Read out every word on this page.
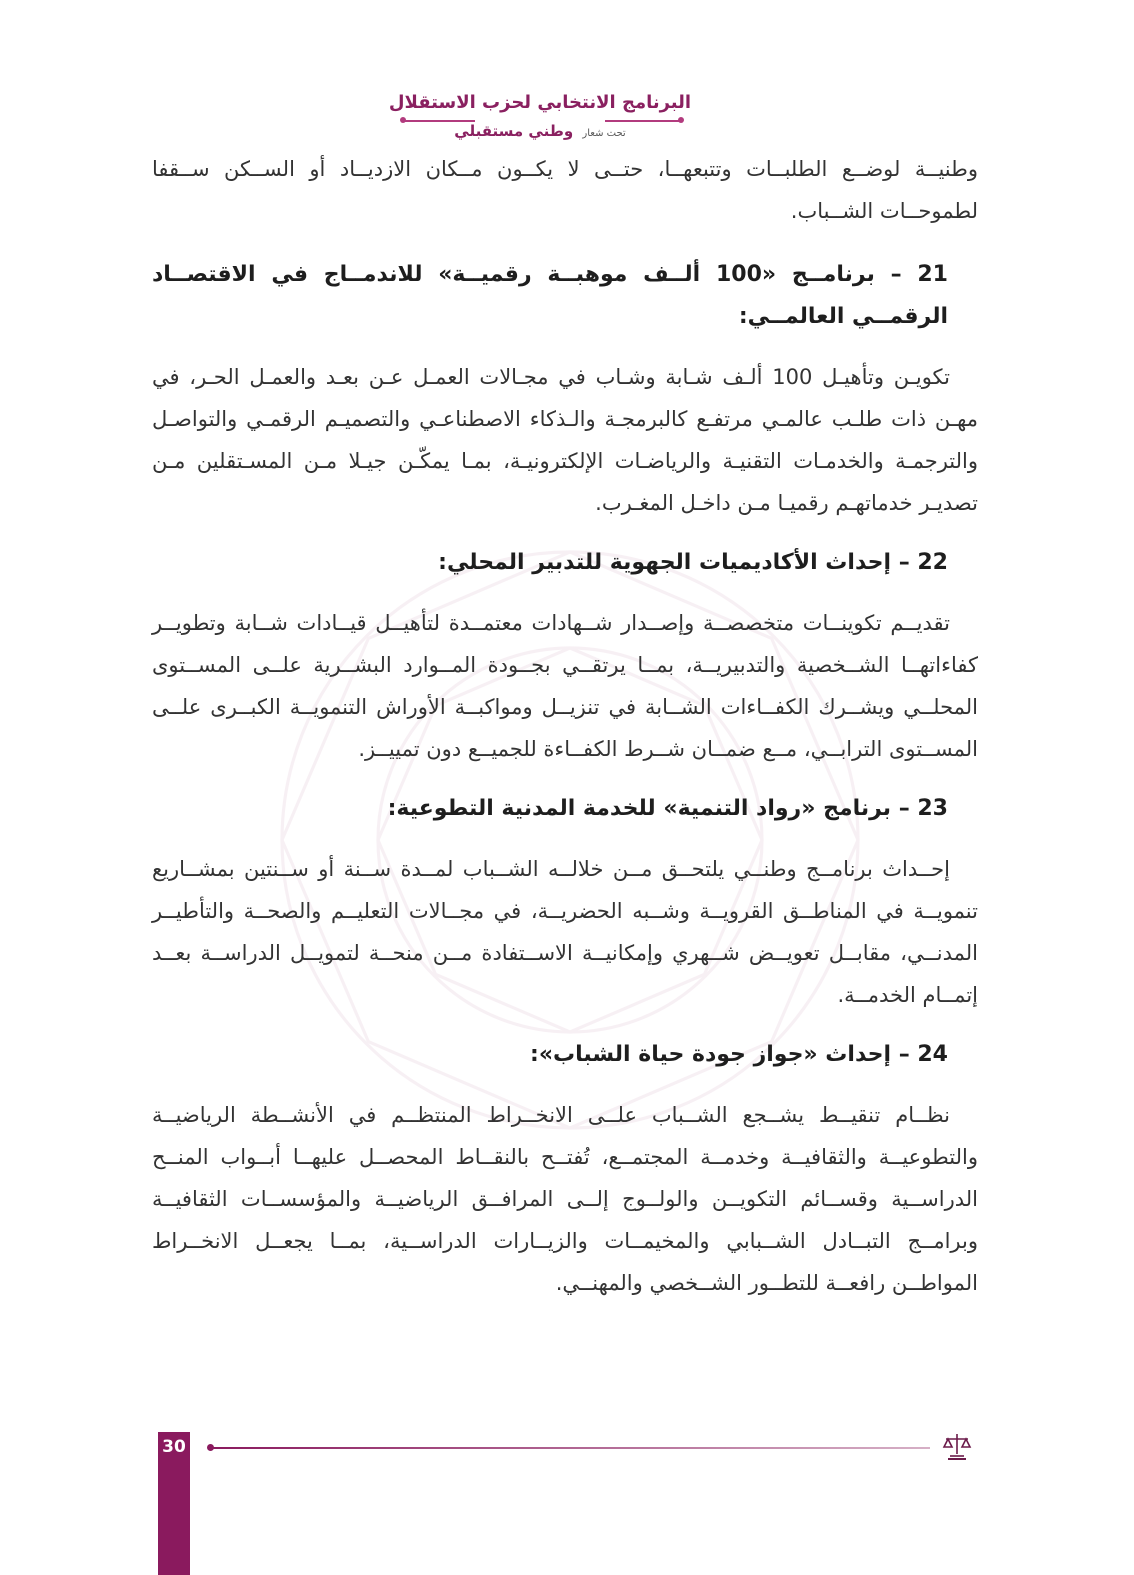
البرنامج الانتخابي لحزب الاستقلال
تحت شعار وطني مستقبلي

وطنيــة لوضــع الطلبــات وتتبعهــا، حتــى لا يكــون مــكان الازديــاد أو الســكن ســقفا لطموحــات الشــباب.

21 – برنامــج «100 ألــف موهبــة رقميــة» للاندمــاج في الاقتصــاد الرقمــي العالمــي:

تكويـن وتأهيـل 100 ألـف شـابة وشـاب في مجـالات العمـل عـن بعـد والعمـل الحـر، في مهـن ذات طلـب عالمـي مرتفـع كالبرمجـة والـذكاء الاصطناعـي والتصميـم الرقمـي والتواصـل والترجمـة والخدمـات التقنيـة والرياضـات الإلكترونيـة، بمـا يمكّـن جيـلا مـن المسـتقلين مـن تصديـر خدماتهـم رقميـا مـن داخـل المغـرب.

22 – إحداث الأكاديميات الجهوية للتدبير المحلي:

تقديــم تكوينــات متخصصــة وإصــدار شــهادات معتمــدة لتأهيــل قيــادات شــابة وتطويــر كفاءاتهــا الشــخصية والتدبيريــة، بمــا يرتقــي بجــودة المــوارد البشــرية علــى المســتوى المحلــي ويشــرك الكفــاءات الشــابة في تنزيــل ومواكبــة الأوراش التنمويــة الكبــرى علــى المســتوى الترابــي، مــع ضمــان شــرط الكفــاءة للجميــع دون تمييــز.

23 – برنامج «رواد التنمية» للخدمة المدنية التطوعية:

إحــداث برنامــج وطنــي يلتحــق مــن خلالــه الشــباب لمــدة ســنة أو ســنتين بمشــاريع تنمويــة في المناطــق القرويــة وشــبه الحضريــة، في مجــالات التعليــم والصحــة والتأطيــر المدنــي، مقابــل تعويــض شــهري وإمكانيــة الاســتفادة مــن منحــة لتمويــل الدراســة بعــد إتمــام الخدمــة.

24 – إحداث «جواز جودة حياة الشباب»:

نظــام تنقيــط يشــجع الشــباب علــى الانخــراط المنتظــم في الأنشــطة الرياضيــة والتطوعيــة والثقافيــة وخدمــة المجتمــع، تُفتــح بالنقــاط المحصــل عليهــا أبــواب المنــح الدراســية وقســائم التكويــن والولــوج إلــى المرافــق الرياضيــة والمؤسســات الثقافيــة وبرامــج التبــادل الشــبابي والمخيمــات والزيــارات الدراســية، بمــا يجعــل الانخــراط المواطــن رافعــة للتطــور الشــخصي والمهنــي.

30
